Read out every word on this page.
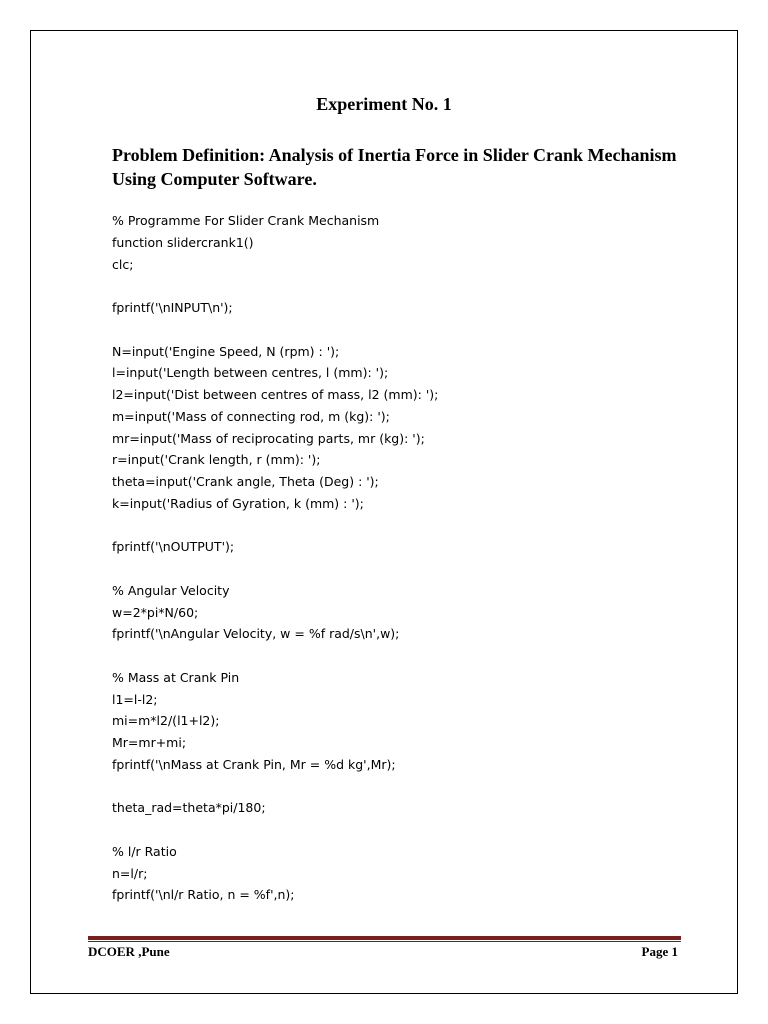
Experiment No. 1
Problem Definition: Analysis of Inertia Force in Slider Crank Mechanism
Using Computer Software.
% Programme For Slider Crank Mechanism
function slidercrank1()
clc;
fprintf('\nINPUT\n');
N=input('Engine Speed, N (rpm) : ');
l=input('Length between centres, l (mm): ');
l2=input('Dist between centres of mass, l2 (mm): ');
m=input('Mass of connecting rod, m (kg): ');
mr=input('Mass of reciprocating parts, mr (kg): ');
r=input('Crank length, r (mm): ');
theta=input('Crank angle, Theta (Deg) : ');
k=input('Radius of Gyration, k (mm) : ');
fprintf('\nOUTPUT');
% Angular Velocity
w=2*pi*N/60;
fprintf('\nAngular Velocity, w = %f rad/s\n',w);
% Mass at Crank Pin
l1=l-l2;
mi=m*l2/(l1+l2);
Mr=mr+mi;
fprintf('\nMass at Crank Pin, Mr = %d kg',Mr);
theta_rad=theta*pi/180;
% l/r Ratio
n=l/r;
fprintf('\nl/r Ratio, n = %f',n);
DCOER ,Pune	Page 1
